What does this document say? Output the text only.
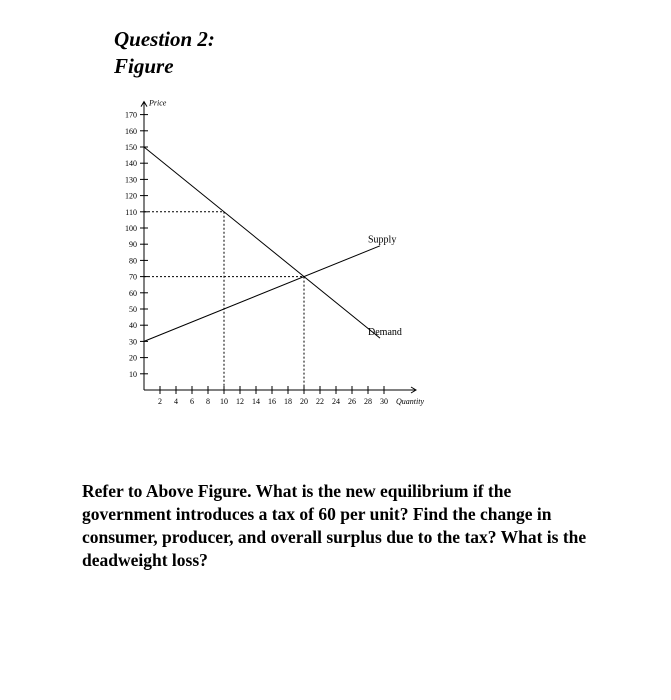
Question 2:
Figure
Price
Quantity
10
20
30
40
50
60
70
80
90
100
110
120
130
140
150
160
170
2 4 6 8 10 12 14 16 18 20 22 24 26 28 30
Supply
Demand
Refer to Above Figure. What is the new equilibrium if the government introduces a tax of 60 per unit? Find the change in consumer, producer, and overall surplus due to the tax? What is the deadweight loss?
